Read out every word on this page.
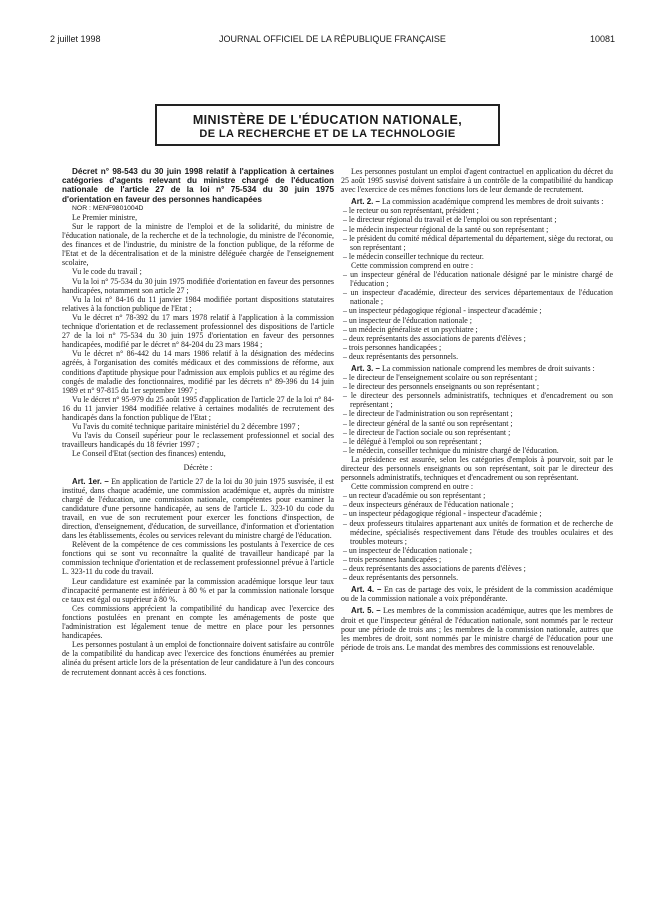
2 juillet 1998	JOURNAL OFFICIEL DE LA RÉPUBLIQUE FRANÇAISE	10081
MINISTÈRE DE L'ÉDUCATION NATIONALE,
DE LA RECHERCHE ET DE LA TECHNOLOGIE

Décret n° 98-543 du 30 juin 1998 relatif à l'application à certaines catégories d'agents relevant du ministre chargé de l'éducation nationale de l'article 27 de la loi n° 75-534 du 30 juin 1975 d'orientation en faveur des personnes handicapées

NOR : MENF9801004D

Le Premier ministre,

Sur le rapport de la ministre de l'emploi et de la solidarité, du ministre de l'éducation nationale, de la recherche et de la technologie, du ministre de l'économie, des finances et de l'industrie, du ministre de la fonction publique, de la réforme de l'Etat et de la décentralisation et de la ministre déléguée chargée de l'enseignement scolaire,

Vu le code du travail ;

Vu la loi n° 75-534 du 30 juin 1975 modifiée d'orientation en faveur des personnes handicapées, notamment son article 27 ;

Vu la loi n° 84-16 du 11 janvier 1984 modifiée portant dispositions statutaires relatives à la fonction publique de l'Etat ;

Vu le décret n° 78-392 du 17 mars 1978 relatif à l'application à la commission technique d'orientation et de reclassement professionnel des dispositions de l'article 27 de la loi n° 75-534 du 30 juin 1975 d'orientation en faveur des personnes handicapées, modifié par le décret n° 84-204 du 23 mars 1984 ;

Vu le décret n° 86-442 du 14 mars 1986 relatif à la désignation des médecins agréés, à l'organisation des comités médicaux et des commissions de réforme, aux conditions d'aptitude physique pour l'admission aux emplois publics et au régime des congés de maladie des fonctionnaires, modifié par les décrets n° 89-396 du 14 juin 1989 et n° 97-815 du 1er septembre 1997 ;

Vu le décret n° 95-979 du 25 août 1995 d'application de l'article 27 de la loi n° 84-16 du 11 janvier 1984 modifiée relative à certaines modalités de recrutement des handicapés dans la fonction publique de l'Etat ;

Vu l'avis du comité technique paritaire ministériel du 2 décembre 1997 ;

Vu l'avis du Conseil supérieur pour le reclassement professionnel et social des travailleurs handicapés du 18 février 1997 ;

Le Conseil d'Etat (section des finances) entendu,

Décrète :

Art. 1er. – En application de l'article 27 de la loi du 30 juin 1975 susvisée, il est institué, dans chaque académie, une commission académique et, auprès du ministre chargé de l'éducation, une commission nationale, compétentes pour examiner la candidature d'une personne handicapée, au sens de l'article L. 323-10 du code du travail, en vue de son recrutement pour exercer les fonctions d'inspection, de direction, d'enseignement, d'éducation, de surveillance, d'information et d'orientation dans les établissements, écoles ou services relevant du ministre chargé de l'éducation.

Relèvent de la compétence de ces commissions les postulants à l'exercice de ces fonctions qui se sont vu reconnaître la qualité de travailleur handicapé par la commission technique d'orientation et de reclassement professionnel prévue à l'article L. 323-11 du code du travail.

Leur candidature est examinée par la commission académique lorsque leur taux d'incapacité permanente est inférieur à 80 % et par la commission nationale lorsque ce taux est égal ou supérieur à 80 %.

Ces commissions apprécient la compatibilité du handicap avec l'exercice des fonctions postulées en prenant en compte les aménagements de poste que l'administration est légalement tenue de mettre en place pour les personnes handicapées.

Les personnes postulant à un emploi de fonctionnaire doivent satisfaire au contrôle de la compatibilité du handicap avec l'exercice des fonctions énumérées au premier alinéa du présent article lors de la présentation de leur candidature à l'un des concours de recrutement donnant accès à ces fonctions.

Les personnes postulant un emploi d'agent contractuel en application du décret du 25 août 1995 susvisé doivent satisfaire à un contrôle de la compatibilité du handicap avec l'exercice de ces mêmes fonctions lors de leur demande de recrutement.

Art. 2. – La commission académique comprend les membres de droit suivants :

– le recteur ou son représentant, président ;
– le directeur régional du travail et de l'emploi ou son représentant ;
– le médecin inspecteur régional de la santé ou son représentant ;
– le président du comité médical départemental du département, siège du rectorat, ou son représentant ;
– le médecin conseiller technique du recteur.

Cette commission comprend en outre :

– un inspecteur général de l'éducation nationale désigné par le ministre chargé de l'éducation ;
– un inspecteur d'académie, directeur des services départementaux de l'éducation nationale ;
– un inspecteur pédagogique régional - inspecteur d'académie ;
– un inspecteur de l'éducation nationale ;
– un médecin généraliste et un psychiatre ;
– deux représentants des associations de parents d'élèves ;
– trois personnes handicapées ;
– deux représentants des personnels.

Art. 3. – La commission nationale comprend les membres de droit suivants :

– le directeur de l'enseignement scolaire ou son représentant ;
– le directeur des personnels enseignants ou son représentant ;
– le directeur des personnels administratifs, techniques et d'encadrement ou son représentant ;
– le directeur de l'administration ou son représentant ;
– le directeur général de la santé ou son représentant ;
– le directeur de l'action sociale ou son représentant ;
– le délégué à l'emploi ou son représentant ;
– le médecin, conseiller technique du ministre chargé de l'éducation.

La présidence est assurée, selon les catégories d'emplois à pourvoir, soit par le directeur des personnels enseignants ou son représentant, soit par le directeur des personnels administratifs, techniques et d'encadrement ou son représentant.

Cette commission comprend en outre :

– un recteur d'académie ou son représentant ;
– deux inspecteurs généraux de l'éducation nationale ;
– un inspecteur pédagogique régional - inspecteur d'académie ;
– deux professeurs titulaires appartenant aux unités de formation et de recherche de médecine, spécialisés respectivement dans l'étude des troubles oculaires et des troubles moteurs ;
– un inspecteur de l'éducation nationale ;
– trois personnes handicapées ;
– deux représentants des associations de parents d'élèves ;
– deux représentants des personnels.

Art. 4. – En cas de partage des voix, le président de la commission académique ou de la commission nationale a voix prépondérante.

Art. 5. – Les membres de la commission académique, autres que les membres de droit et que l'inspecteur général de l'éducation nationale, sont nommés par le recteur pour une période de trois ans ; les membres de la commission nationale, autres que les membres de droit, sont nommés par le ministre chargé de l'éducation pour une période de trois ans. Le mandat des membres des commissions est renouvelable.
